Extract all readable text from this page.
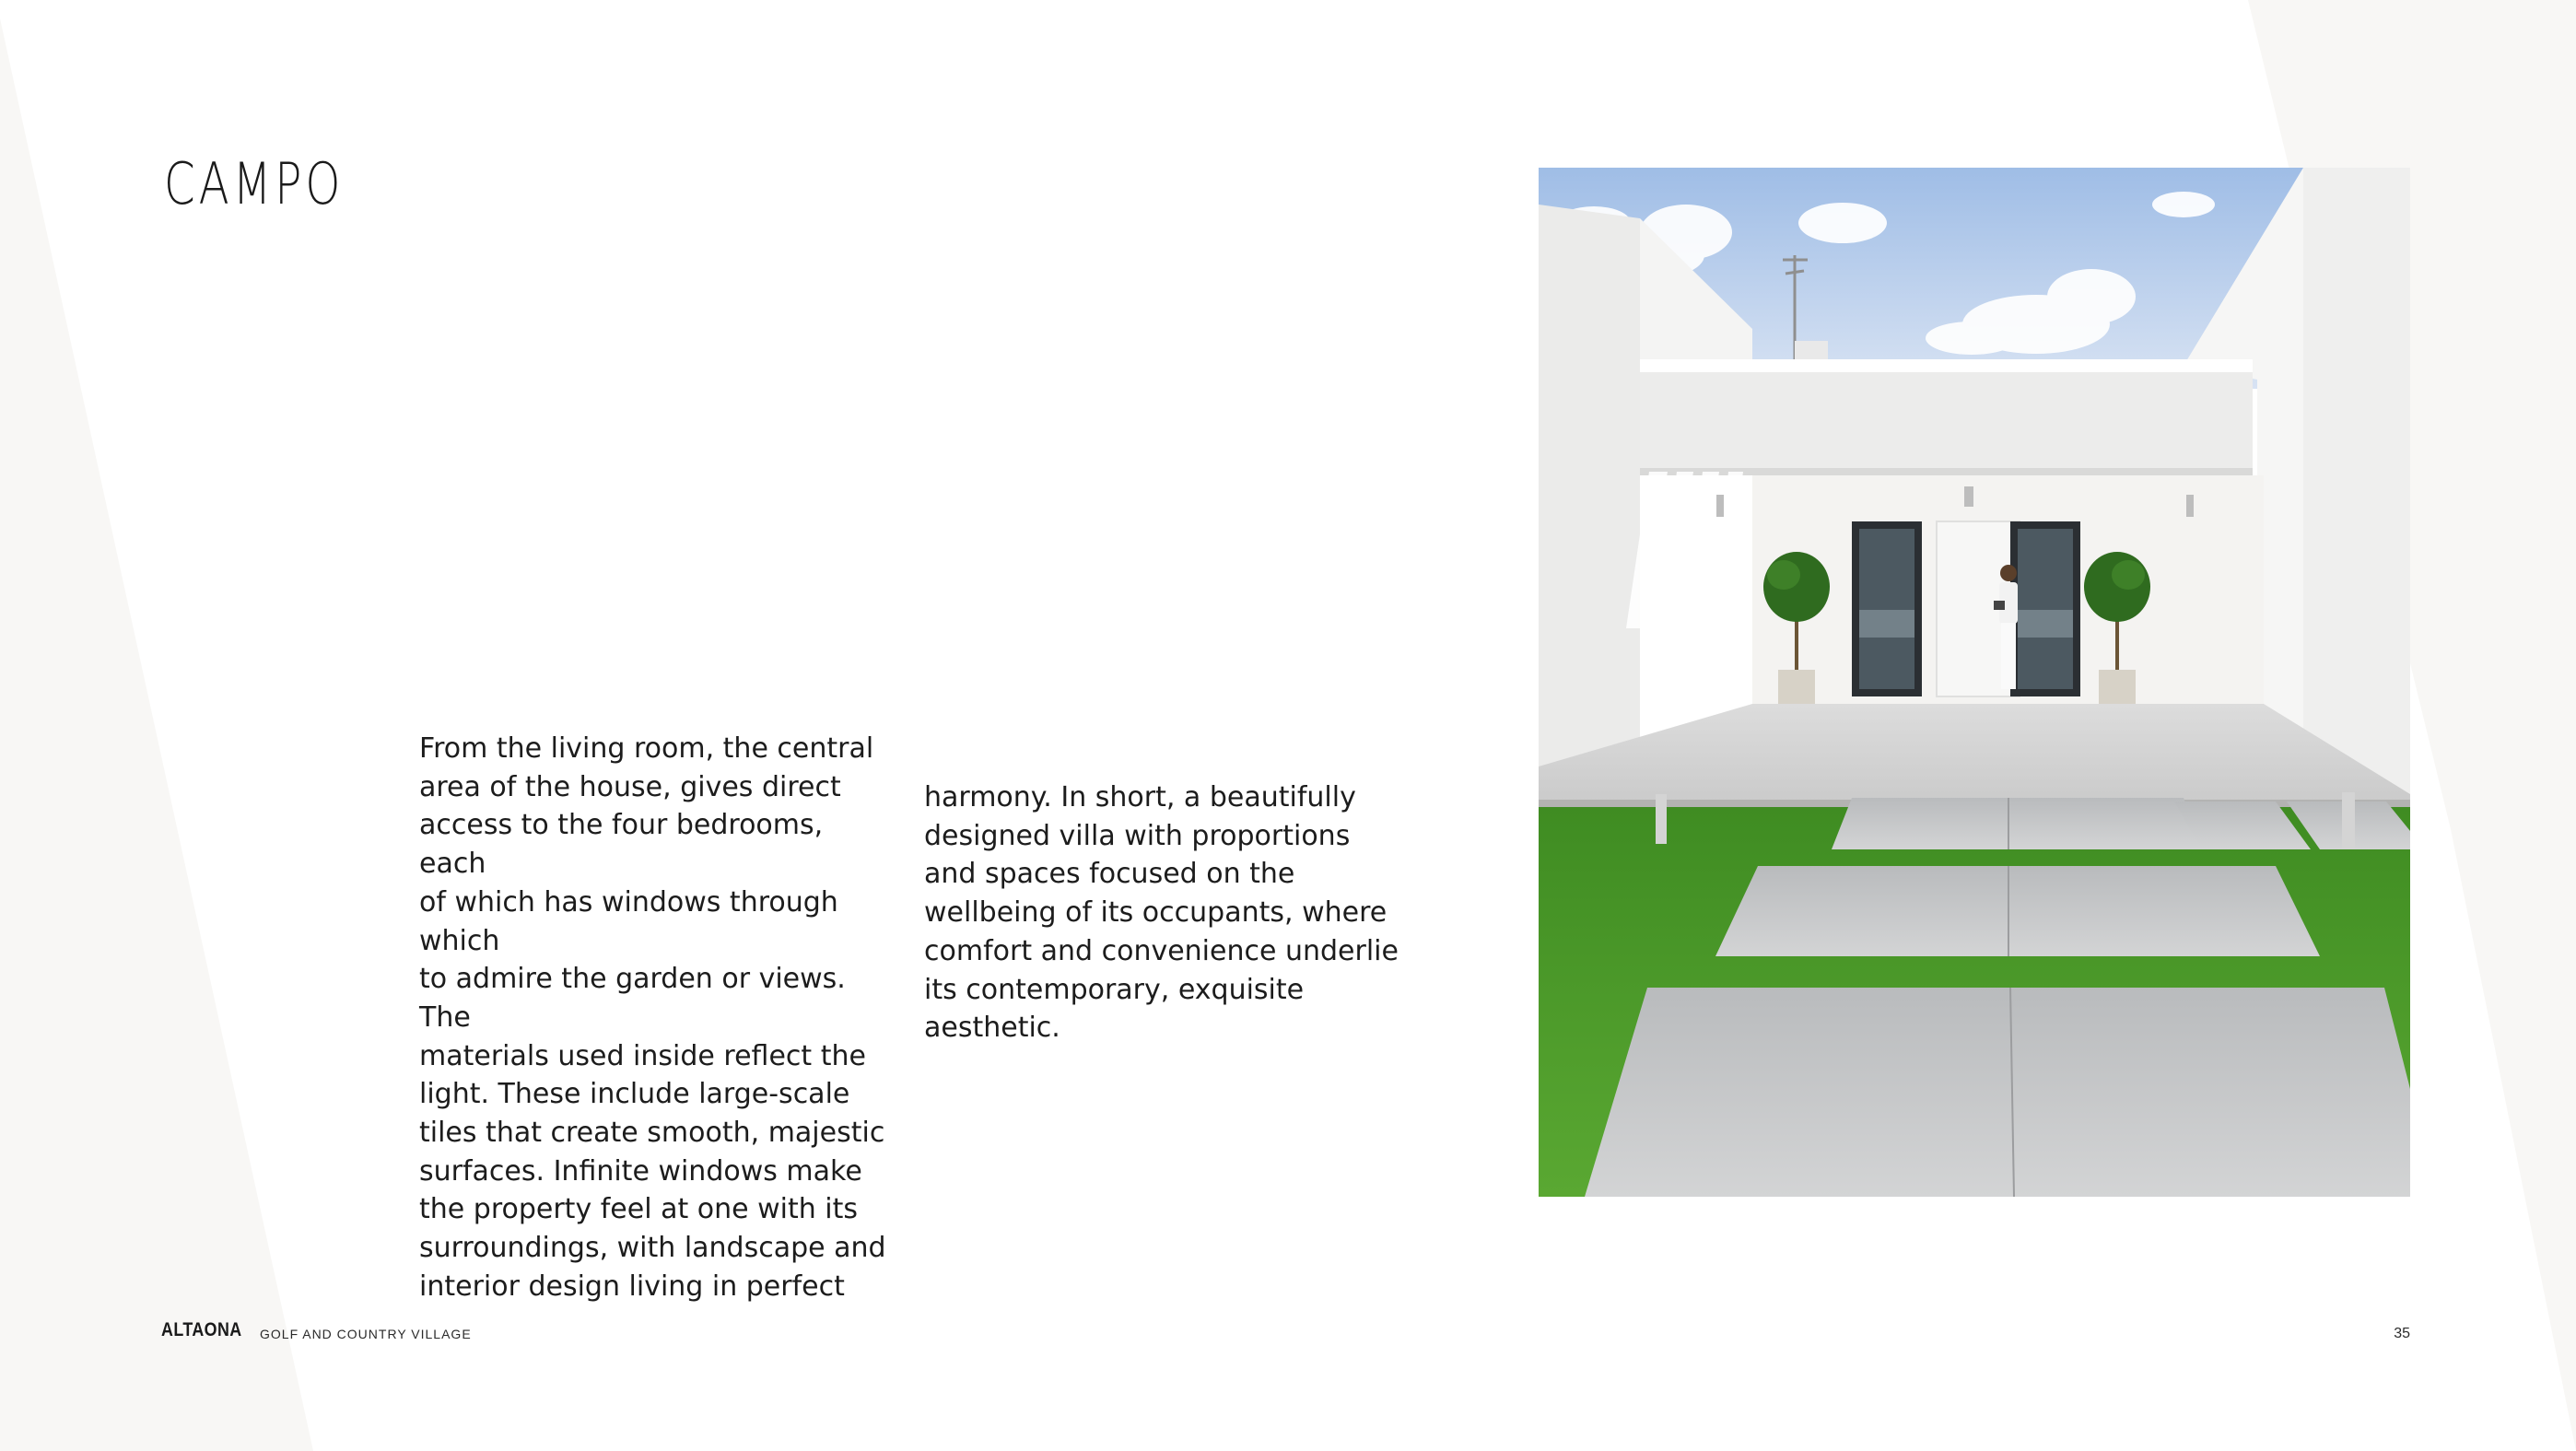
CAMPO

From the living room, the central
area of the house, gives direct
access to the four bedrooms, each
of which has windows through which
to admire the garden or views. The
materials used inside reflect the
light. These include large-scale
tiles that create smooth, majestic
surfaces. Infinite windows make
the property feel at one with its
surroundings, with landscape and
interior design living in perfect

harmony. In short, a beautifully
designed villa with proportions
and spaces focused on the
wellbeing of its occupants, where
comfort and convenience underlie
its contemporary, exquisite
aesthetic.

ALTAONA GOLF AND COUNTRY VILLAGE	35
